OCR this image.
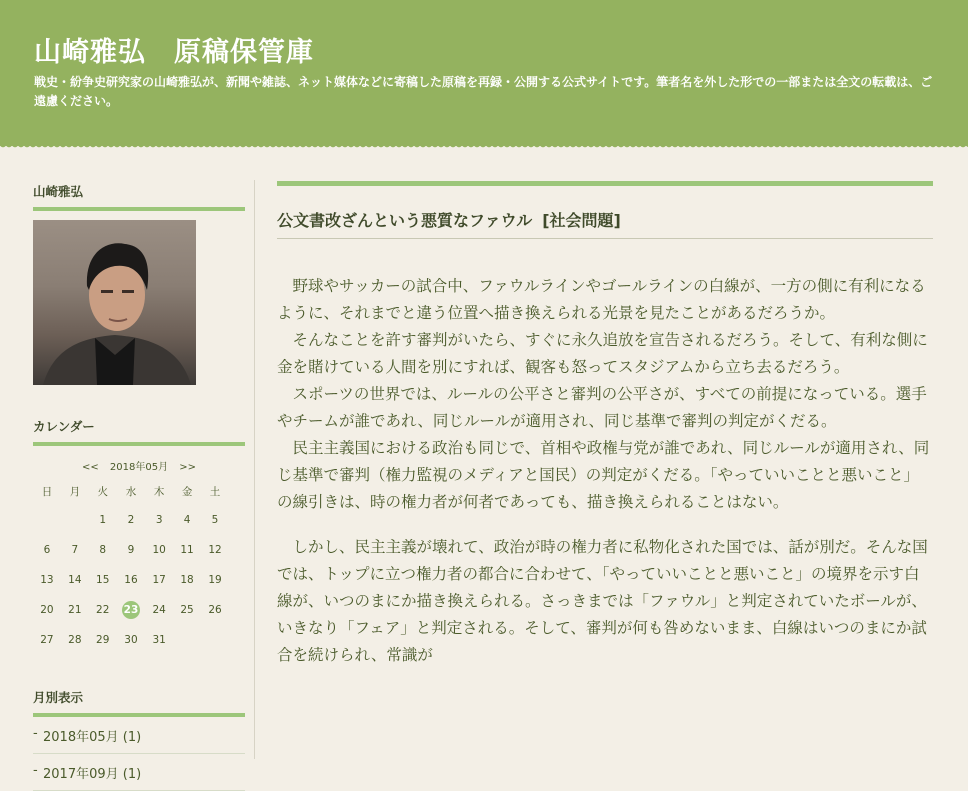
山崎雅弘　原稿保管庫

戦史・紛争史研究家の山崎雅弘が、新聞や雑誌、ネット媒体などに寄稿した原稿を再録・公開する公式サイトです。筆者名を外した形での一部または全文の転載は、ご遠慮ください。

山崎雅弘
カレンダー
<< 2018年05月 >>
日	月	火	水	木	金	土
		1	2	3	4	5
6	7	8	9	10	11	12
13	14	15	16	17	18	19
20	21	22	23	24	25	26
27	28	29	30	31		
月別表示
- 2018年05月 (1)
- 2017年09月 (1)
公文書改ざんという悪質なファウル [社会問題]

野球やサッカーの試合中、ファウルラインやゴールラインの白線が、一方の側に有利になるように、それまでと違う位置へ描き換えられる光景を見たことがあるだろうか。

そんなことを許す審判がいたら、すぐに永久追放を宣告されるだろう。そして、有利な側に金を賭けている人間を別にすれば、観客も怒ってスタジアムから立ち去るだろう。

スポーツの世界では、ルールの公平さと審判の公平さが、すべての前提になっている。選手やチームが誰であれ、同じルールが適用され、同じ基準で審判の判定がくだる。

民主主義国における政治も同じで、首相や政権与党が誰であれ、同じルールが適用され、同じ基準で審判（権力監視のメディアと国民）の判定がくだる。「やっていいことと悪いこと」の線引きは、時の権力者が何者であっても、描き換えられることはない。

しかし、民主主義が壊れて、政治が時の権力者に私物化された国では、話が別だ。そんな国では、トップに立つ権力者の都合に合わせて、「やっていいことと悪いこと」の境界を示す白線が、いつのまにか描き換えられる。さっきまでは「ファウル」と判定されていたボールが、いきなり「フェア」と判定される。そして、審判が何も咎めないまま、白線はいつのまにか試合を続けられ、常識が
